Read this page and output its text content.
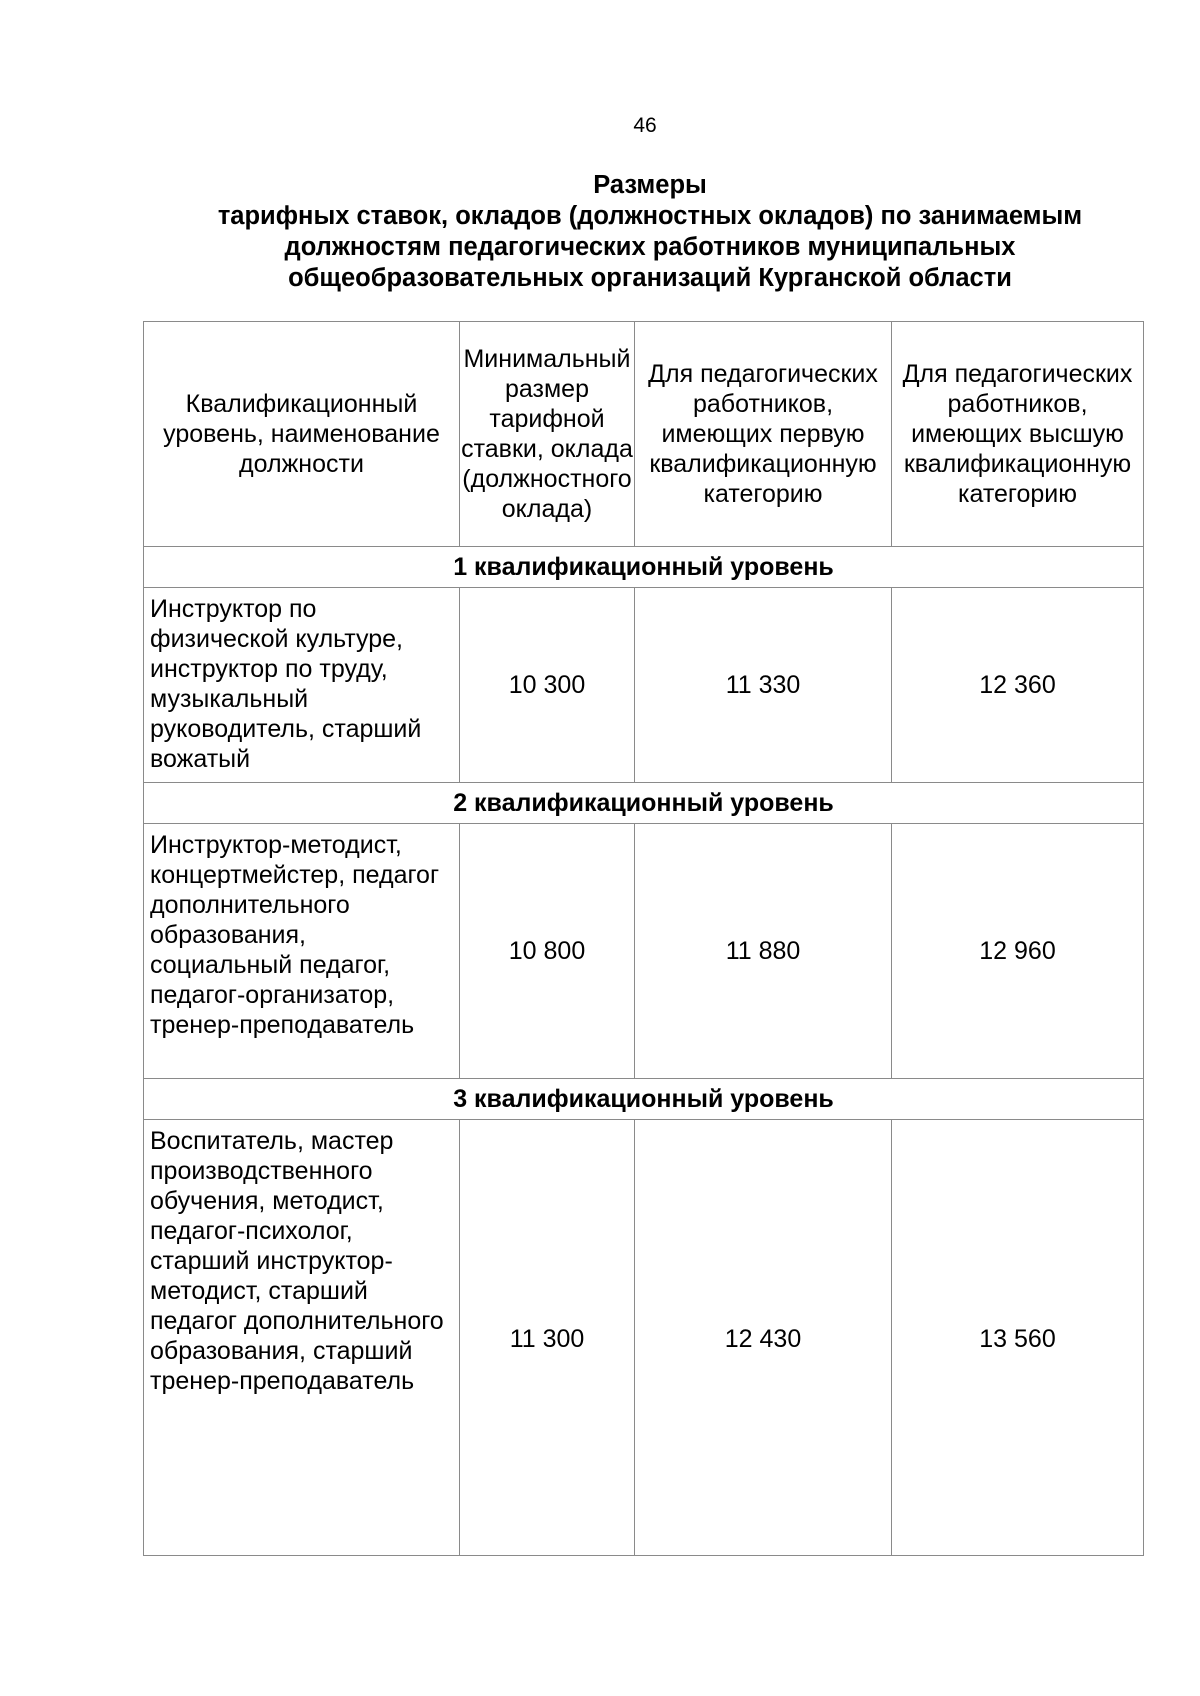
46
Размеры
тарифных ставок, окладов (должностных окладов) по занимаемым
должностям педагогических работников муниципальных
общеобразовательных организаций Курганской области
Квалификационный уровень, наименование должности	Минимальный размер тарифной ставки, оклада (должностного оклада)	Для педагогических работников, имеющих первую квалификационную категорию	Для педагогических работников, имеющих высшую квалификационную категорию
1 квалификационный уровень			
Инструктор по физической культуре, инструктор по труду, музыкальный руководитель, старший вожатый	10 300	11 330	12 360
2 квалификационный уровень			
Инструктор-методист, концертмейстер, педагог дополнительного образования, социальный педагог, педагог-организатор, тренер-преподаватель	10 800	11 880	12 960
3 квалификационный уровень			
Воспитатель, мастер производственного обучения, методист, педагог-психолог, старший инструктор-методист, старший педагог дополнительного образования, старший тренер-преподаватель	11 300	12 430	13 560
